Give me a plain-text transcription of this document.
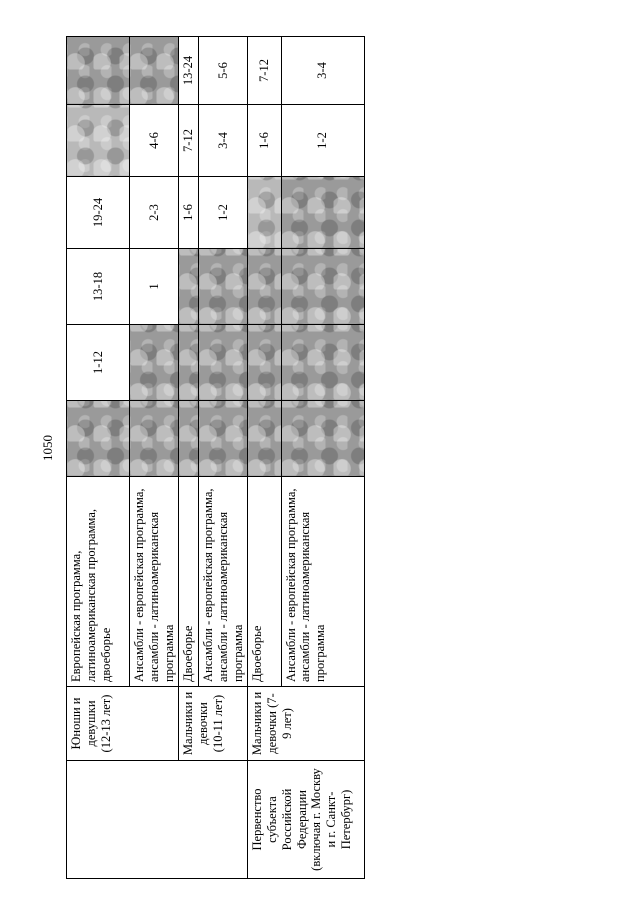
1050
	Юноши и девушки (12-13 лет)	Европейская программа, латиноамериканская программа, двоеборье		1-12	13-18	19-24		
		Ансамбли - европейская программа, ансамбли - латиноамериканская программа			1	2-3	4-6	
	Мальчики и девочки (10-11 лет)	Двоеборье				1-6	7-12	13-24
		Ансамбли - европейская программа, ансамбли - латиноамериканская программа				1-2	3-4	5-6
Первенство субъекта Российской Федерации (включая г. Москву и г. Санкт-Петербург)	Мальчики и девочки (7-9 лет)	Двоеборье					1-6	7-12
		Ансамбли - европейская программа, ансамбли - латиноамериканская программа					1-2	3-4
